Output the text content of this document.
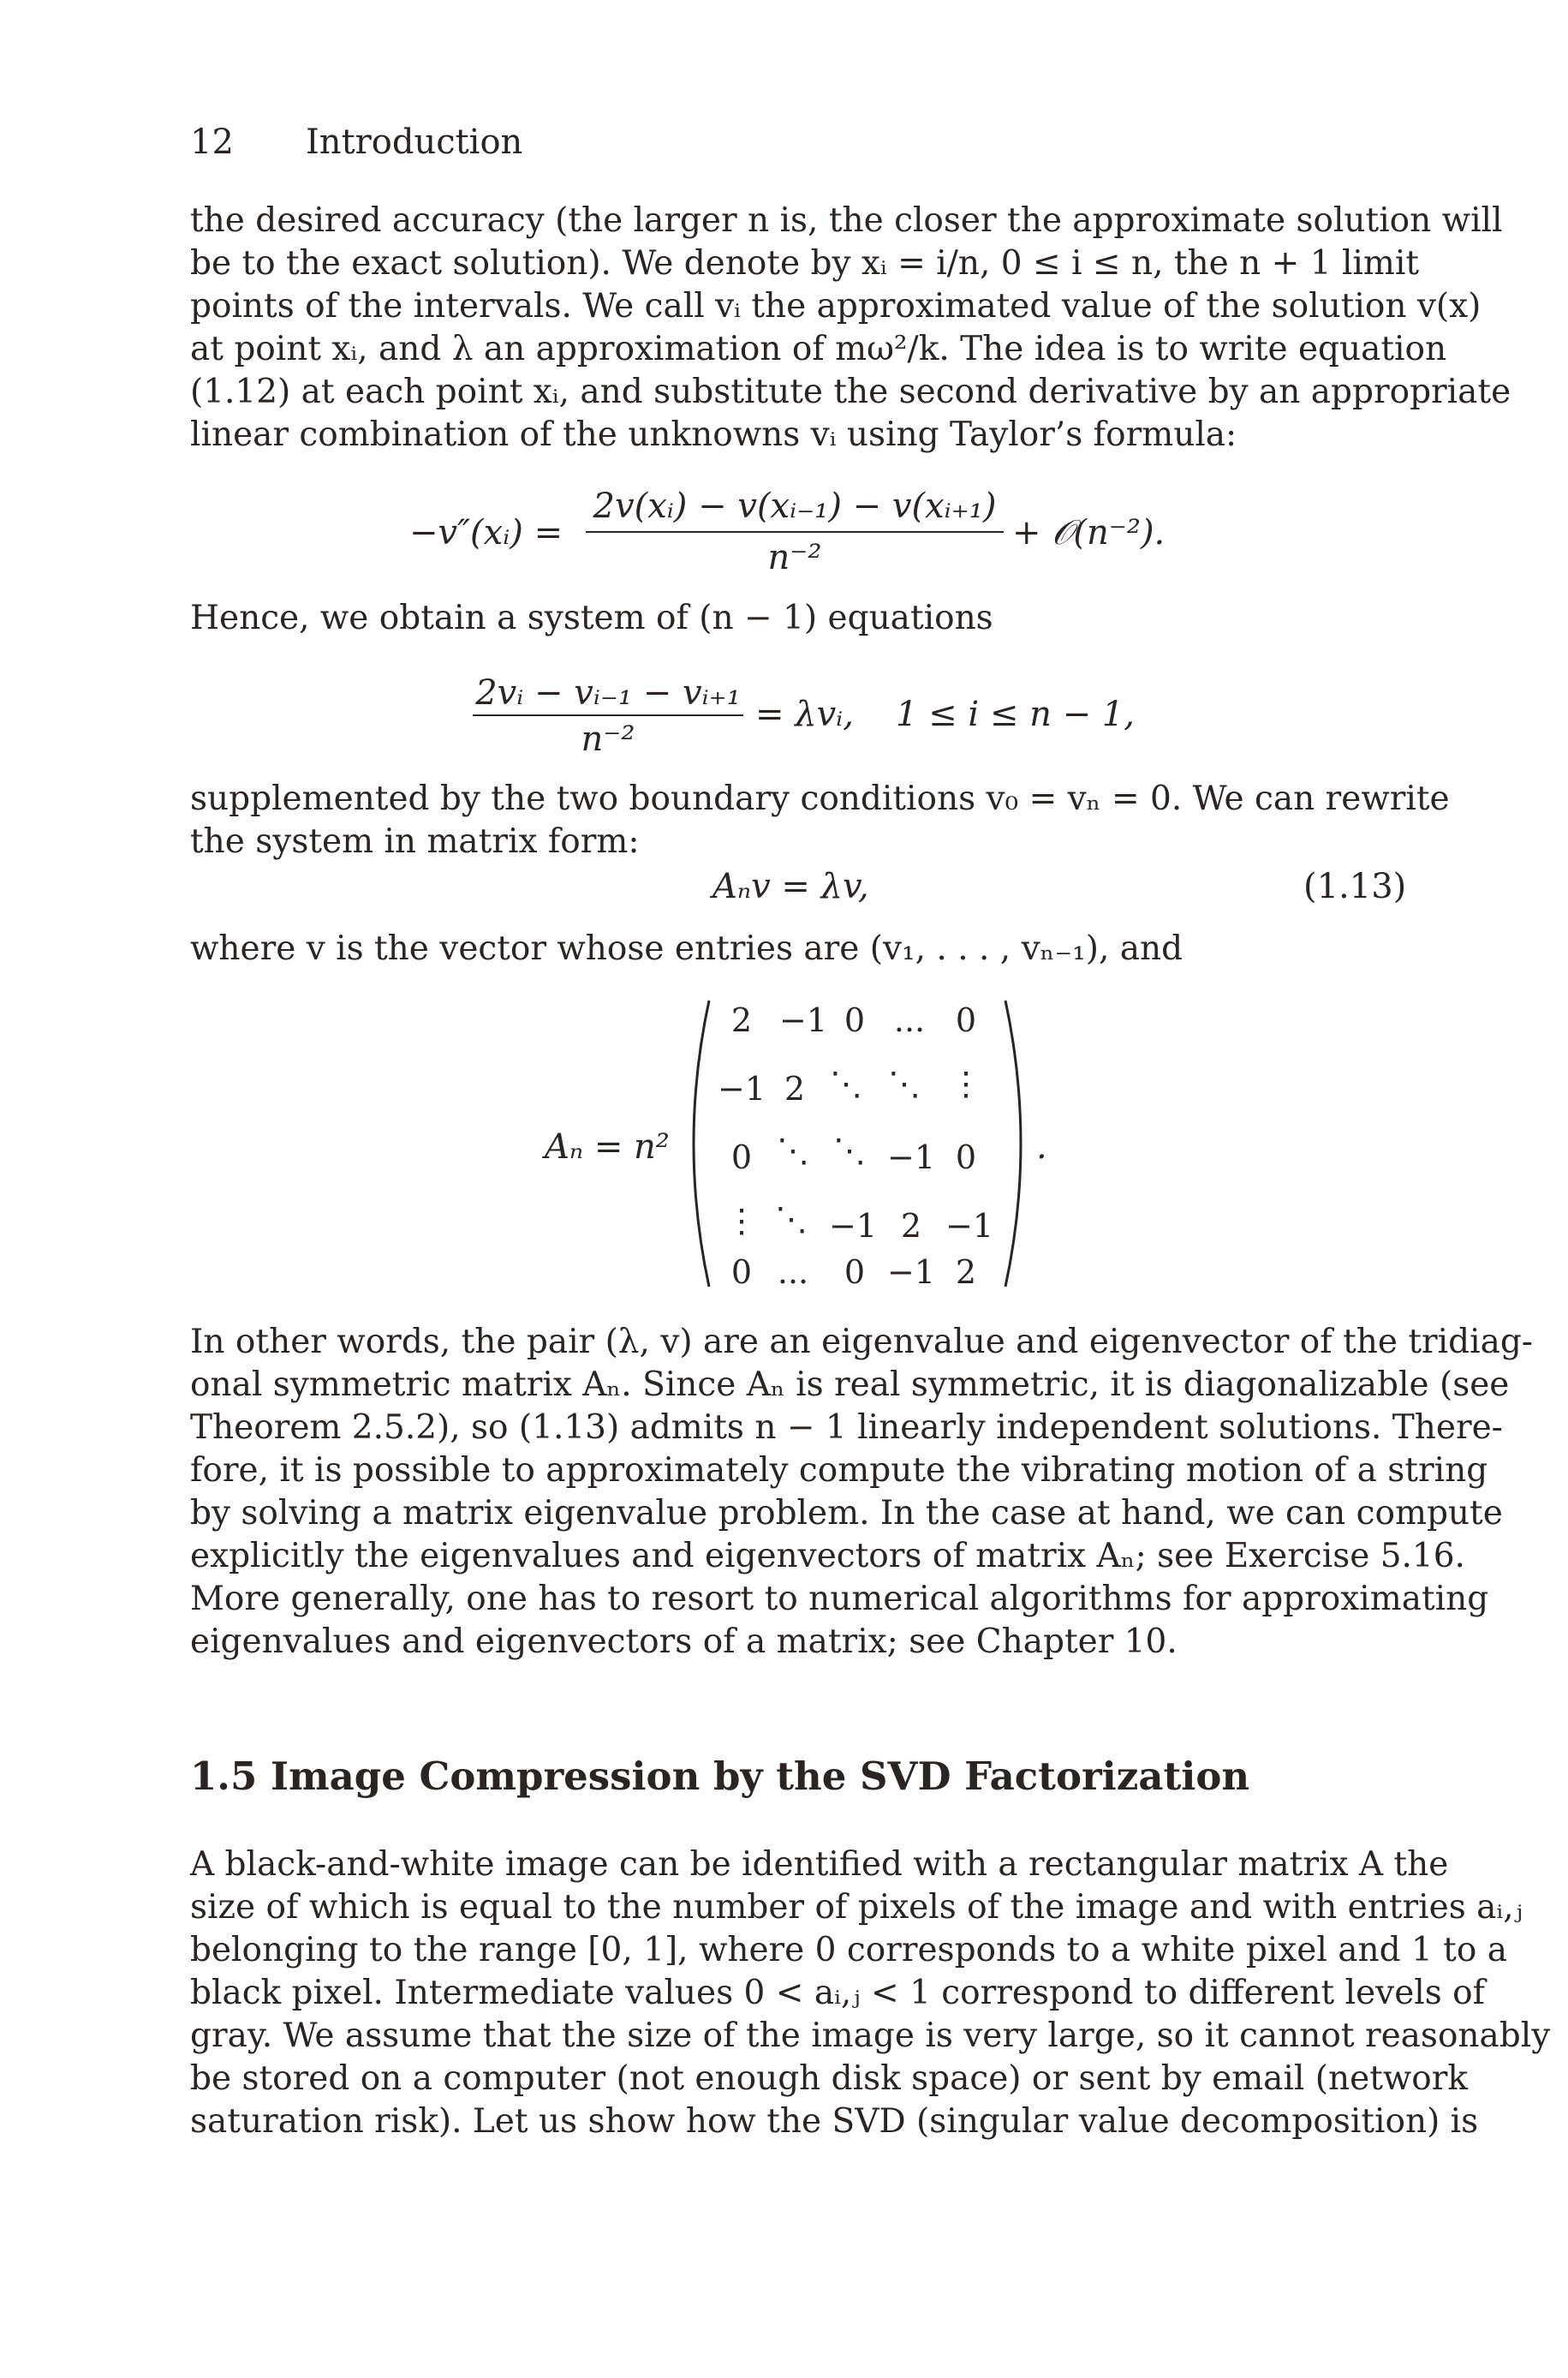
12 Introduction
the desired accuracy (the larger n is, the closer the approximate solution will
be to the exact solution). We denote by xᵢ = i/n, 0 ≤ i ≤ n, the n + 1 limit
points of the intervals. We call vᵢ the approximated value of the solution v(x)
at point xᵢ, and λ an approximation of mω²/k. The idea is to write equation
(1.12) at each point xᵢ, and substitute the second derivative by an appropriate
linear combination of the unknowns vᵢ using Taylor’s formula:
−v″(xᵢ) =
2v(xᵢ) − v(xᵢ₋₁) − v(xᵢ₊₁)
n⁻²
+ 𝒪(n⁻²).
Hence, we obtain a system of (n − 1) equations
2vᵢ − vᵢ₋₁ − vᵢ₊₁
n⁻²
= λvᵢ, 1 ≤ i ≤ n − 1,
supplemented by the two boundary conditions v₀ = vₙ = 0. We can rewrite
the system in matrix form:
Aₙv = λv,	(1.13)
where v is the vector whose entries are (v₁, . . . , vₙ₋₁), and
Aₙ = n²
2 −1 0 ... 0
−1 2 ⋱ ⋱ ⋮
0 ⋱ ⋱ −1 0
⋮ ⋱ −1 2 −1
0 ... 0 −1 2
.
In other words, the pair (λ, v) are an eigenvalue and eigenvector of the tridiag-
onal symmetric matrix Aₙ. Since Aₙ is real symmetric, it is diagonalizable (see
Theorem 2.5.2), so (1.13) admits n − 1 linearly independent solutions. There-
fore, it is possible to approximately compute the vibrating motion of a string
by solving a matrix eigenvalue problem. In the case at hand, we can compute
explicitly the eigenvalues and eigenvectors of matrix Aₙ; see Exercise 5.16.
More generally, one has to resort to numerical algorithms for approximating
eigenvalues and eigenvectors of a matrix; see Chapter 10.
1.5 Image Compression by the SVD Factorization
A black-and-white image can be identified with a rectangular matrix A the
size of which is equal to the number of pixels of the image and with entries aᵢ,ⱼ
belonging to the range [0, 1], where 0 corresponds to a white pixel and 1 to a
black pixel. Intermediate values 0 < aᵢ,ⱼ < 1 correspond to different levels of
gray. We assume that the size of the image is very large, so it cannot reasonably
be stored on a computer (not enough disk space) or sent by email (network
saturation risk). Let us show how the SVD (singular value decomposition) is
